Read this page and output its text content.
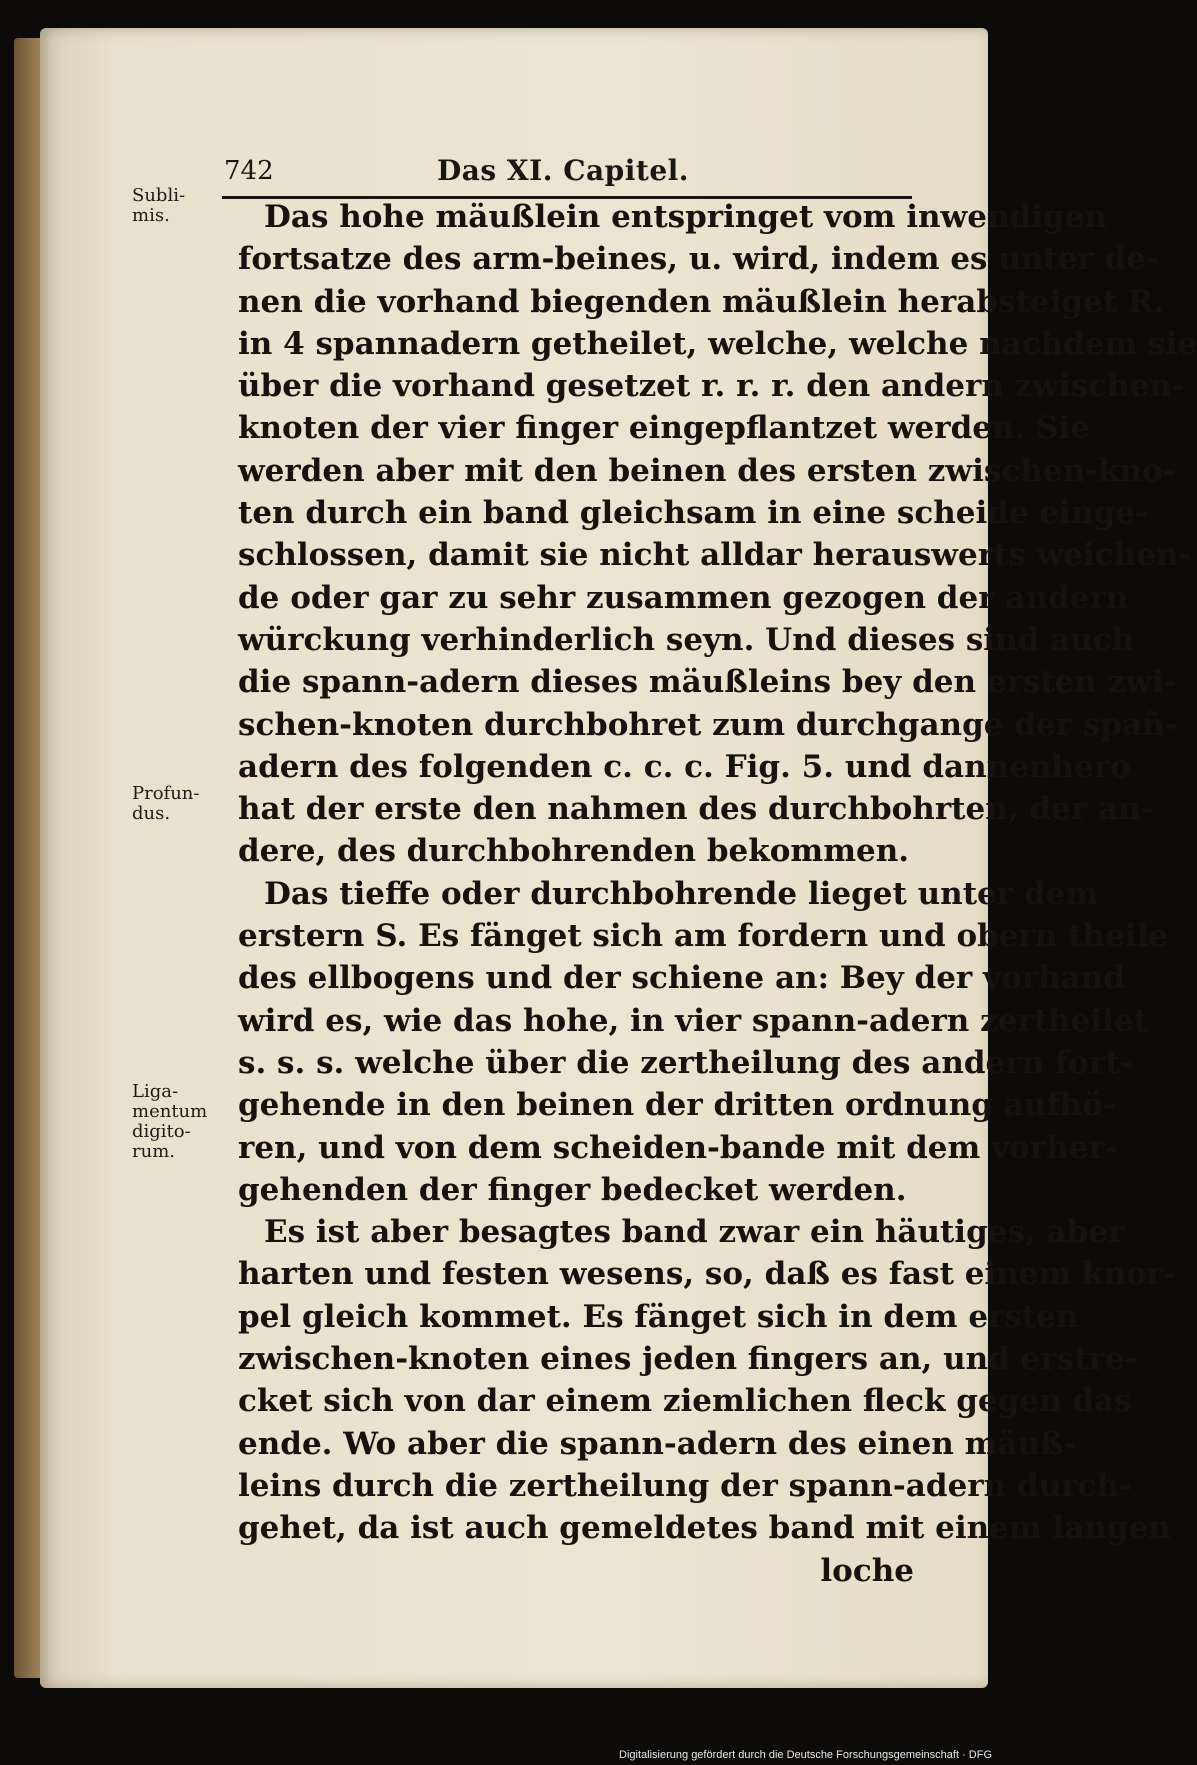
742	Das XI. Capitel.
Subli-
mis.
Profun-
dus.
Liga-
mentum
digito-
rum.
Das hohe mäußlein entspringet vom inwendigen
fortsatze des arm-beines, u. wird, indem es unter de-
nen die vorhand biegenden mäußlein herabsteiget R.
in 4 spannadern getheilet, welche, welche nachdem sie
über die vorhand gesetzet r. r. r. den andern zwischen-
knoten der vier finger eingepflantzet werden. Sie
werden aber mit den beinen des ersten zwischen-kno-
ten durch ein band gleichsam in eine scheide einge-
schlossen, damit sie nicht alldar herauswerts weichen-
de oder gar zu sehr zusammen gezogen der andern
würckung verhinderlich seyn. Und dieses sind auch
die spann-adern dieses mäußleins bey den ersten zwi-
schen-knoten durchbohret zum durchgange der spañ-
adern des folgenden c. c. c. Fig. 5. und dannenhero
hat der erste den nahmen des durchbohrten, der an-
dere, des durchbohrenden bekommen.
Das tieffe oder durchbohrende lieget unter dem
erstern S. Es fänget sich am fordern und obern theile
des ellbogens und der schiene an: Bey der vorhand
wird es, wie das hohe, in vier spann-adern zertheilet
s. s. s. welche über die zertheilung des andern fort-
gehende in den beinen der dritten ordnung aufhö-
ren, und von dem scheiden-bande mit dem vorher-
gehenden der finger bedecket werden.
Es ist aber besagtes band zwar ein häutiges, aber
harten und festen wesens, so, daß es fast einem knor-
pel gleich kommet. Es fänget sich in dem ersten
zwischen-knoten eines jeden fingers an, und erstre-
cket sich von dar einem ziemlichen fleck gegen das
ende. Wo aber die spann-adern des einen mäuß-
leins durch die zertheilung der spann-adern durch-
gehet, da ist auch gemeldetes band mit einem langen
loche
Digitalisierung gefördert durch die Deutsche Forschungsgemeinschaft · DFG
